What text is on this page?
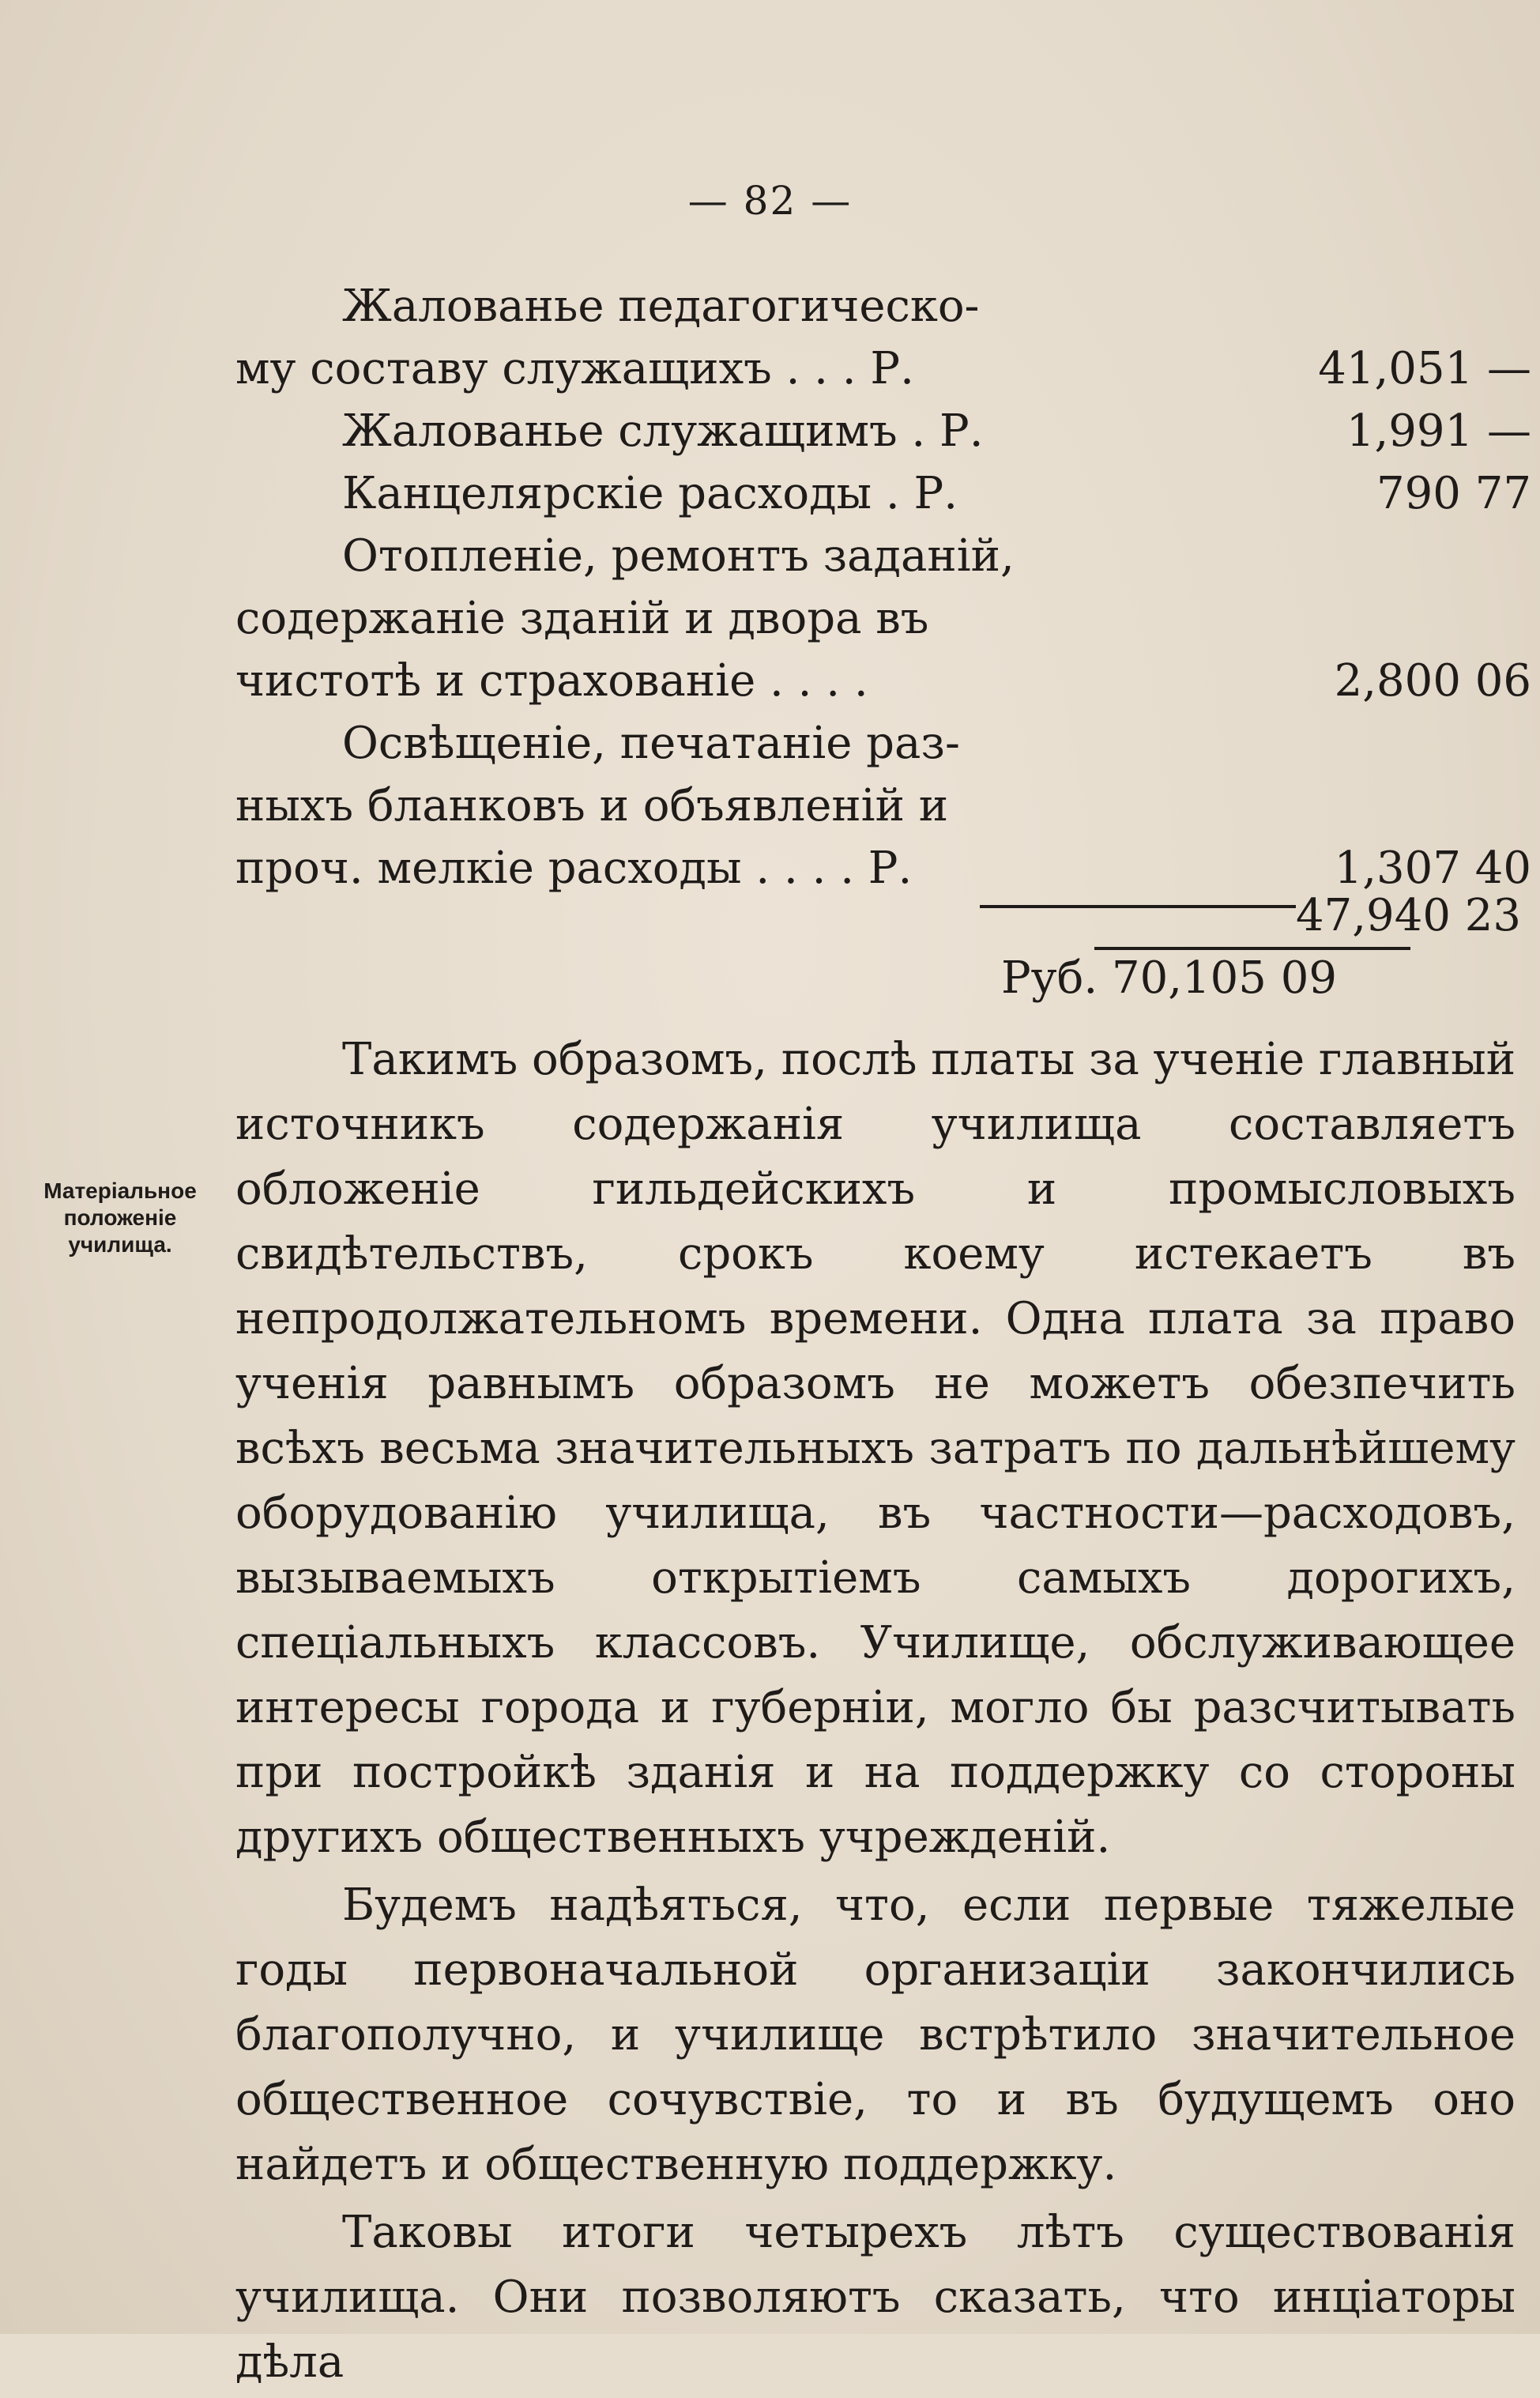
— 82 —
Жалованье педагогическо-
му составу служащихъ . . . Р.	41,051 —
Жалованье служащимъ . Р.	1,991 —
Канцелярскіе расходы . Р.	790 77
Отопленіе, ремонтъ заданій,
содержаніе зданій и двора въ
чистотѣ и страхованіе . . . .	2,800 06
Освѣщеніе, печатаніе раз-
ныхъ бланковъ и объявленій и
проч. мелкіе расходы . . . . Р.	1,307 40
47,940 23
Руб. 70,105 09
Матеріальное положеніе училища.

Такимъ образомъ, послѣ платы за ученіе главный источникъ содержанія училища составляетъ обложеніе гильдейскихъ и промысловыхъ свидѣтельствъ, срокъ коему истекаетъ въ непродолжательномъ времени. Одна плата за право ученія равнымъ образомъ не можетъ обезпечить всѣхъ весьма значительныхъ затратъ по дальнѣйшему оборудованію училища, въ частности—расходовъ, вызываемыхъ открытіемъ самыхъ дорогихъ, спеціальныхъ классовъ. Училище, обслуживающее интересы города и губерніи, могло бы разсчитывать при постройкѣ зданія и на поддержку со стороны другихъ общественныхъ учрежденій.

Будемъ надѣяться, что, если первые тяжелые годы первоначальной организаціи закончились благополучно, и училище встрѣтило значительное общественное сочувствіе, то и въ будущемъ оно найдетъ и общественную поддержку.

Таковы итоги четырехъ лѣтъ существованія училища. Они позволяютъ сказать, что инціаторы дѣла
